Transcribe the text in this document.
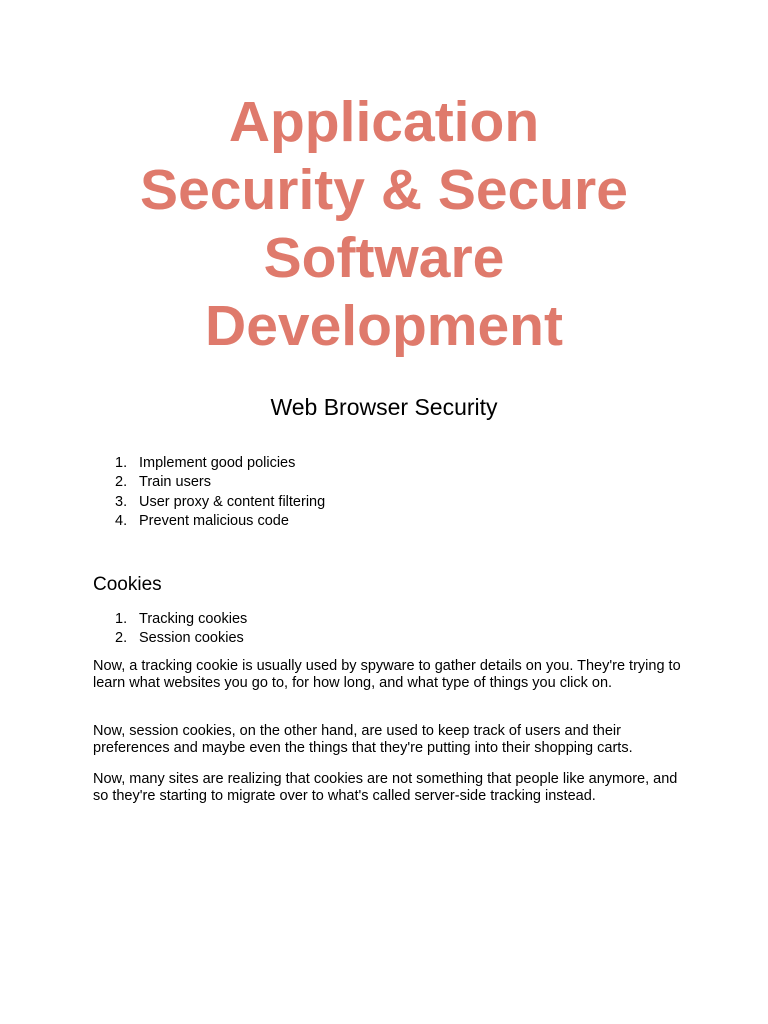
Application
Security & Secure
Software
Development
Web Browser Security
1. Implement good policies
2. Train users
3. User proxy & content filtering
4. Prevent malicious code
Cookies
1. Tracking cookies
2. Session cookies

Now, a tracking cookie is usually used by spyware to gather details on you. They're trying to learn what websites you go to, for how long, and what type of things you click on.

Now, session cookies, on the other hand, are used to keep track of users and their preferences and maybe even the things that they're putting into their shopping carts.

Now, many sites are realizing that cookies are not something that people like anymore, and so they're starting to migrate over to what's called server-side tracking instead.
